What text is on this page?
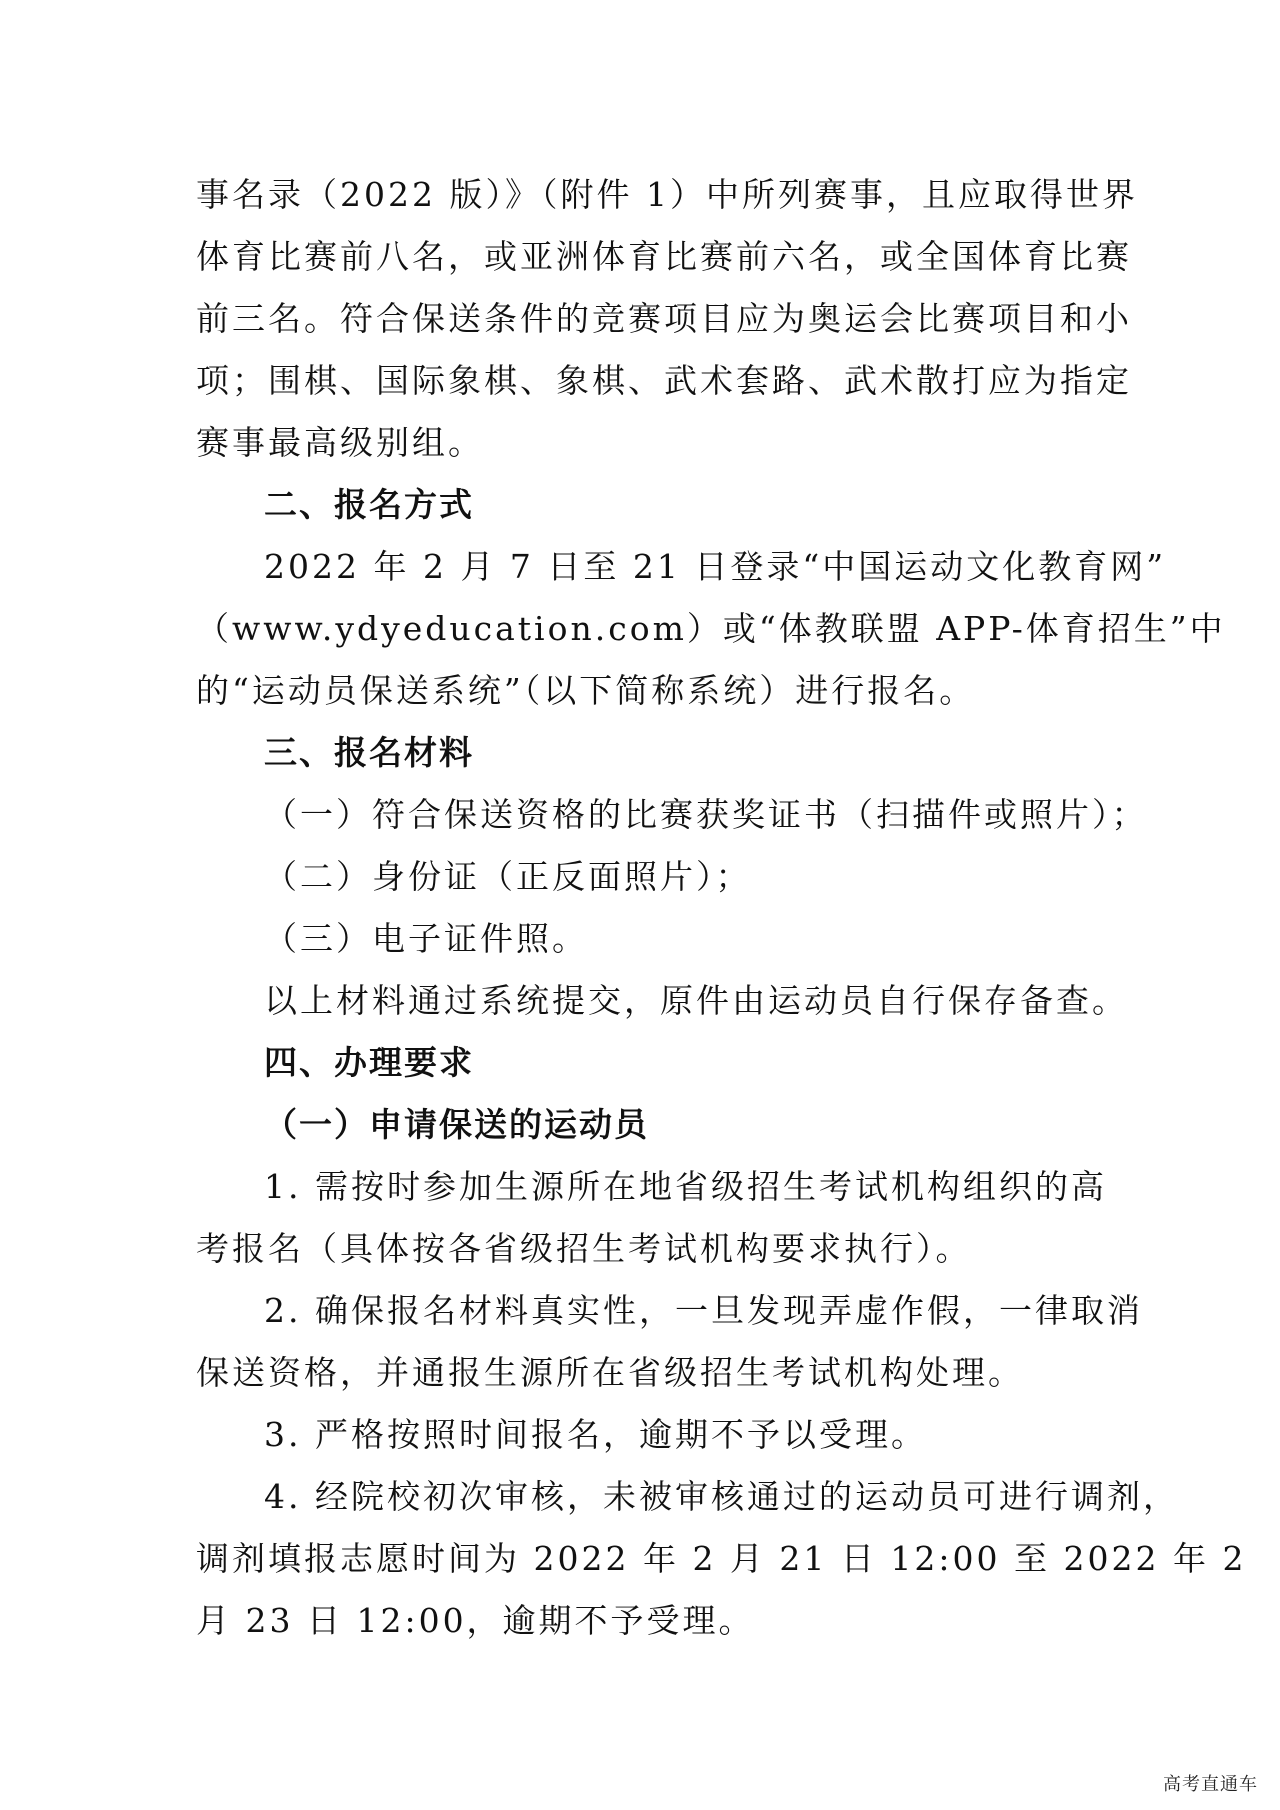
事名录（2022 版）》（附件 1）中所列赛事，且应取得世界
体育比赛前八名，或亚洲体育比赛前六名，或全国体育比赛
前三名。符合保送条件的竞赛项目应为奥运会比赛项目和小
项；围棋、国际象棋、象棋、武术套路、武术散打应为指定
赛事最高级别组。
二、报名方式
2022 年 2 月 7 日至 21 日登录“中国运动文化教育网”
（www.ydyeducation.com）或“体教联盟 APP-体育招生”中
的“运动员保送系统”（以下简称系统）进行报名。
三、报名材料
（一）符合保送资格的比赛获奖证书（扫描件或照片）；
（二）身份证（正反面照片）；
（三）电子证件照。
以上材料通过系统提交，原件由运动员自行保存备查。
四、办理要求
（一）申请保送的运动员
1. 需按时参加生源所在地省级招生考试机构组织的高
考报名（具体按各省级招生考试机构要求执行）。
2. 确保报名材料真实性，一旦发现弄虚作假，一律取消
保送资格，并通报生源所在省级招生考试机构处理。
3. 严格按照时间报名，逾期不予以受理。
4. 经院校初次审核，未被审核通过的运动员可进行调剂，
调剂填报志愿时间为 2022 年 2 月 21 日 12:00 至 2022 年 2
月 23 日 12:00，逾期不予受理。
高考直通车
